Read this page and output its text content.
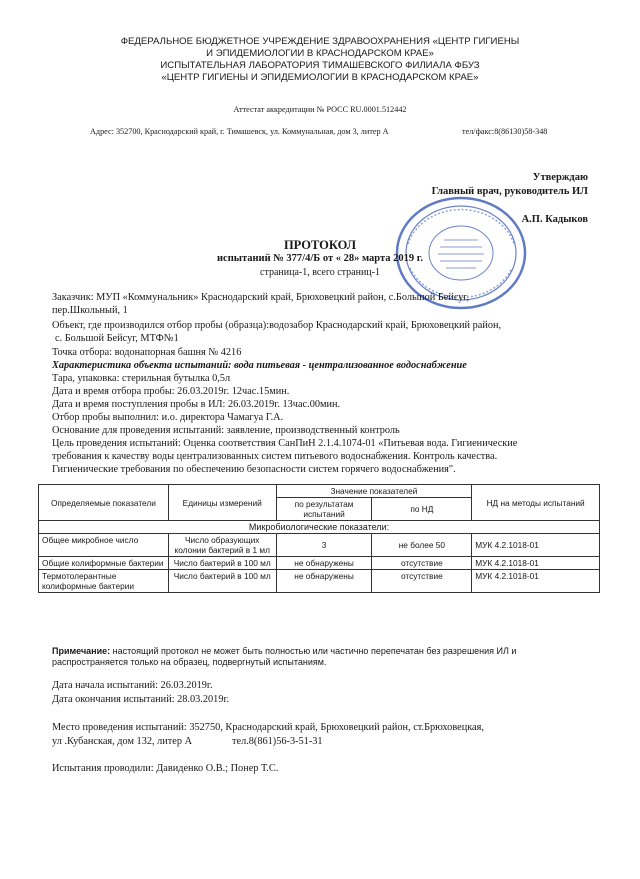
ФЕДЕРАЛЬНОЕ БЮДЖЕТНОЕ УЧРЕЖДЕНИЕ ЗДРАВООХРАНЕНИЯ «ЦЕНТР ГИГИЕНЫ
И ЭПИДЕМИОЛОГИИ В КРАСНОДАРСКОМ КРАЕ»
ИСПЫТАТЕЛЬНАЯ ЛАБОРАТОРИЯ ТИМАШЕВСКОГО ФИЛИАЛА ФБУЗ
«ЦЕНТР ГИГИЕНЫ И ЭПИДЕМИОЛОГИИ В КРАСНОДАРСКОМ КРАЕ»
Аттестат аккредитации № РОСС RU.0001.512442
Адрес: 352700, Краснодарский край, г. Тимашевск, ул. Коммунальная, дом 3, литер А	тел/факс:8(86130)58-348
Утверждаю
Главный врач, руководитель ИЛ
А.П. Кадыков
ПРОТОКОЛ
испытаний № 377/4/Б от « 28» марта 2019 г.
страница-1, всего страниц-1
Заказчик: МУП «Коммунальник» Краснодарский край, Брюховецкий район, с.Большой Бейсуг,
пер.Школьный, 1
Объект, где производился отбор пробы (образца):водозабор Краснодарский край, Брюховецкий район,
с. Большой Бейсуг, МТФ№1
Точка отбора: водонапорная башня № 4216
Характеристика объекта испытаний: вода питьевая - централизованное водоснабжение
Тара, упаковка: стерильная бутылка 0,5л
Дата и время отбора пробы: 26.03.2019г. 12час.15мин.
Дата и время поступления пробы в ИЛ: 26.03.2019г. 13час.00мин.
Отбор пробы выполнил: и.о. директора Чамагуа Г.А.
Основание для проведения испытаний: заявление, производственный контроль
Цель проведения испытаний: Оценка соответствия СанПиН 2.1.4.1074-01 «Питьевая вода. Гигиенические
требования к качеству воды централизованных систем питьевого водоснабжения. Контроль качества.
Гигиенические требования по обеспечению безопасности систем горячего водоснабжения".
Определяемые показатели	Единицы измерений	Значение показателей		НД на методы испытаний
		по результатам испытаний	по НД	
Микробиологические показатели:				
Общее микробное число	Число образующих колонии бактерий в 1 мл	3	не более 50	МУК 4.2.1018-01
Общие колиформные бактерии	Число бактерий в 100 мл	не обнаружены	отсутствие	МУК 4.2.1018-01
Термотолерантные колиформные бактерии	Число бактерий в 100 мл	не обнаружены	отсутствие	МУК 4.2.1018-01
Примечание: настоящий протокол не может быть полностью или частично перепечатан без разрешения ИЛ и
распространяется только на образец, подвергнутый испытаниям.
Дата начала испытаний: 26.03.2019г.
Дата окончания испытаний: 28.03.2019г.
Место проведения испытаний: 352750, Краснодарский край, Брюховецкий район, ст.Брюховецкая,
ул .Кубанская, дом 132, литер А	тел.8(861)56-3-51-31
Испытания проводили: Давиденко О.В.; Понер Т.С.
